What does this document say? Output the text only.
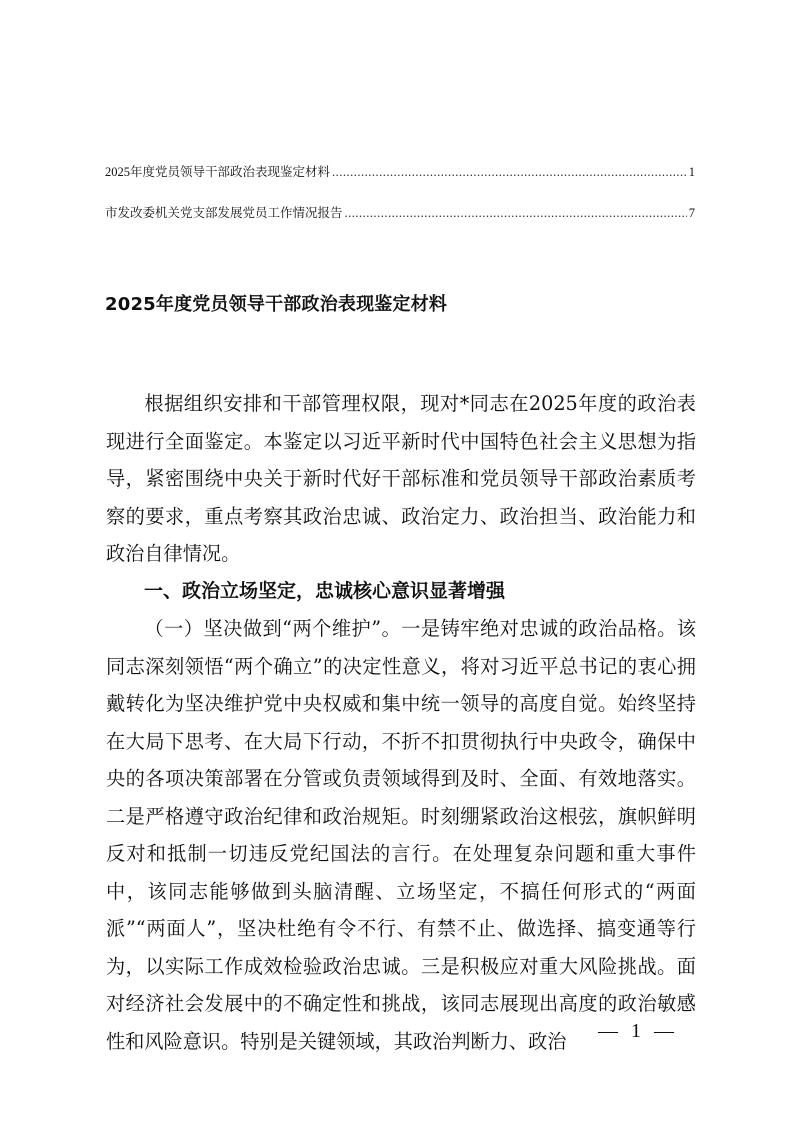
2025年度党员领导干部政治表现鉴定材料 .....	1
市发改委机关党支部发展党员工作情况报告 .....	7
2025年度党员领导干部政治表现鉴定材料

根据组织安排和干部管理权限，现对*同志在2025年度的政治表现进行全面鉴定。本鉴定以习近平新时代中国特色社会主义思想为指导，紧密围绕中央关于新时代好干部标准和党员领导干部政治素质考察的要求，重点考察其政治忠诚、政治定力、政治担当、政治能力和政治自律情况。

一、政治立场坚定，忠诚核心意识显著增强

（一）坚决做到“两个维护”。一是铸牢绝对忠诚的政治品格。该同志深刻领悟“两个确立”的决定性意义，将对习近平总书记的衷心拥戴转化为坚决维护党中央权威和集中统一领导的高度自觉。始终坚持在大局下思考、在大局下行动，不折不扣贯彻执行中央政令，确保中央的各项决策部署在分管或负责领域得到及时、全面、有效地落实。二是严格遵守政治纪律和政治规矩。时刻绷紧政治这根弦，旗帜鲜明反对和抵制一切违反党纪国法的言行。在处理复杂问题和重大事件中，该同志能够做到头脑清醒、立场坚定，不搞任何形式的“两面派”“两面人”，坚决杜绝有令不行、有禁不止、做选择、搞变通等行为，以实际工作成效检验政治忠诚。三是积极应对重大风险挑战。面对经济社会发展中的不确定性和挑战，该同志展现出高度的政治敏感性和风险意识。特别是关键领域，其政治判断力、政治	— 1 —
